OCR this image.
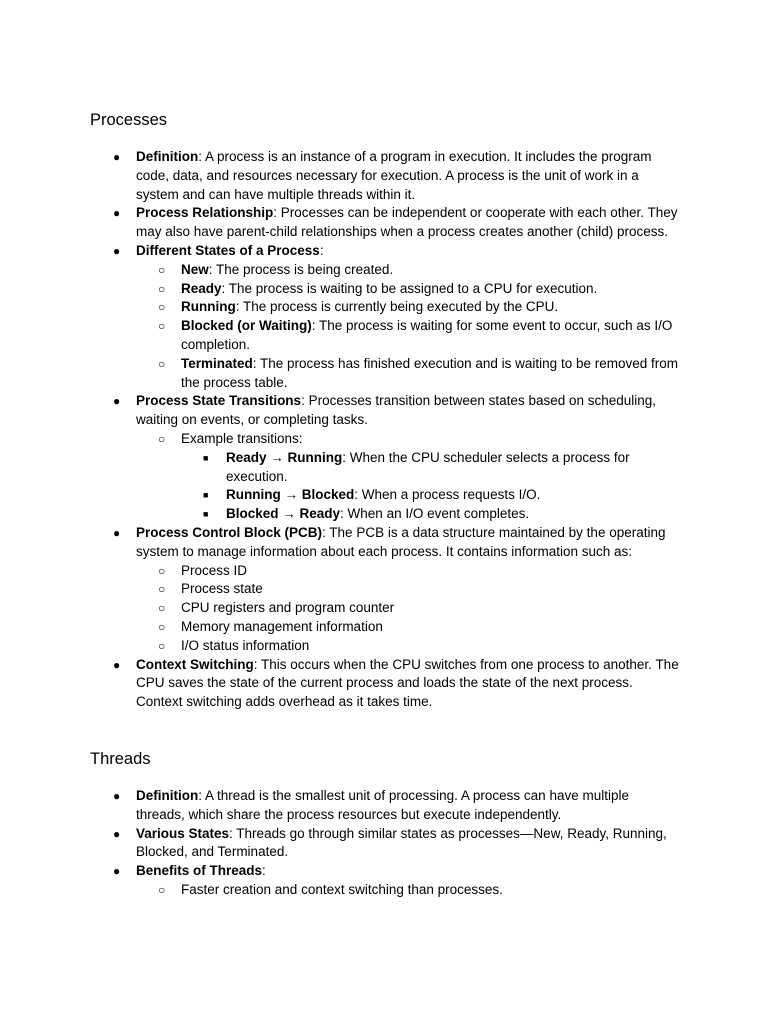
Processes
● Definition: A process is an instance of a program in execution. It includes the program code, data, and resources necessary for execution. A process is the unit of work in a system and can have multiple threads within it.
● Process Relationship: Processes can be independent or cooperate with each other. They may also have parent-child relationships when a process creates another (child) process.
● Different States of a Process:
○ New: The process is being created.
○ Ready: The process is waiting to be assigned to a CPU for execution.
○ Running: The process is currently being executed by the CPU.
○ Blocked (or Waiting): The process is waiting for some event to occur, such as I/O completion.
○ Terminated: The process has finished execution and is waiting to be removed from the process table.
● Process State Transitions: Processes transition between states based on scheduling, waiting on events, or completing tasks.
○ Example transitions:
■ Ready → Running: When the CPU scheduler selects a process for execution.
■ Running → Blocked: When a process requests I/O.
■ Blocked → Ready: When an I/O event completes.
● Process Control Block (PCB): The PCB is a data structure maintained by the operating system to manage information about each process. It contains information such as:
○ Process ID
○ Process state
○ CPU registers and program counter
○ Memory management information
○ I/O status information
● Context Switching: This occurs when the CPU switches from one process to another. The CPU saves the state of the current process and loads the state of the next process. Context switching adds overhead as it takes time.
Threads
● Definition: A thread is the smallest unit of processing. A process can have multiple threads, which share the process resources but execute independently.
● Various States: Threads go through similar states as processes—New, Ready, Running, Blocked, and Terminated.
● Benefits of Threads:
○ Faster creation and context switching than processes.
